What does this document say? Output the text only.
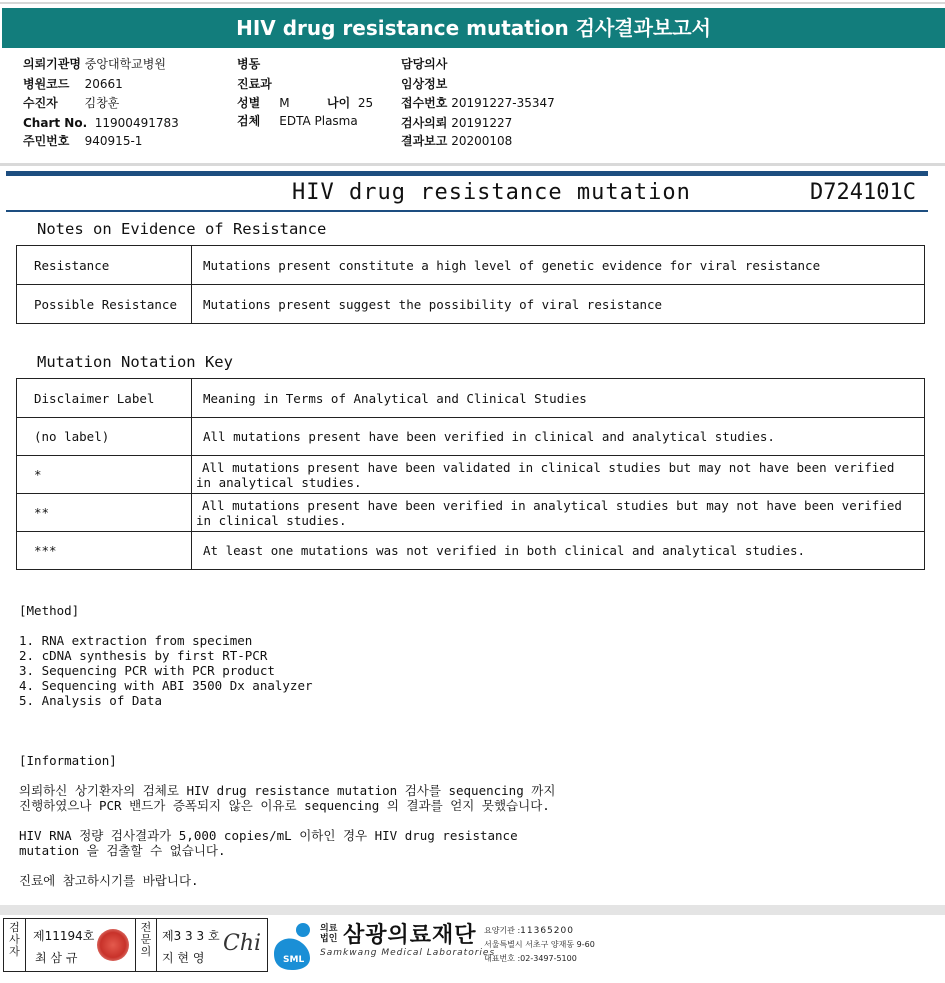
HIV drug resistance mutation 검사결과보고서
의뢰기관명 중앙대학교병원
병원코드 20661
수진자 김창훈
Chart No. 11900491783
주민번호 940915-1
병동
진료과
성별 M	나이 25
검체 EDTA Plasma
담당의사
임상정보
접수번호 20191227-35347
검사의뢰 20191227
결과보고 20200108
HIV drug resistance mutation	D724101C
Notes on Evidence of Resistance
Resistance	Mutations present constitute a high level of genetic evidence for viral resistance
Possible Resistance	Mutations present suggest the possibility of viral resistance
Mutation Notation Key
Disclaimer Label	Meaning in Terms of Analytical and Clinical Studies
(no label)	All mutations present have been verified in clinical and analytical studies.
*	All mutations present have been validated in clinical studies but may not have been verified
in analytical studies.

**	All mutations present have been verified in analytical studies but may not have been verified
in clinical studies.

***	At least one mutations was not verified in both clinical and analytical studies.
[Method]
1. RNA extraction from specimen
2. cDNA synthesis by first RT-PCR
3. Sequencing PCR with PCR product
4. Sequencing with ABI 3500 Dx analyzer
5. Analysis of Data
[Information]
의뢰하신 상기환자의 검체로 HIV drug resistance mutation 검사를 sequencing 까지
진행하였으나 PCR 밴드가 증폭되지 않은 이유로 sequencing 의 결과를 얻지 못했습니다.
HIV RNA 정량 검사결과가 5,000 copies/mL 이하인 경우 HIV drug resistance
mutation 을 검출할 수 없습니다.
진료에 참고하시기를 바랍니다.
검사자
제11194호
최 삼 규
전문의
제3 3 3 호
지 현 영
Chi
SML
의료
법인 삼광의료재단
Samkwang Medical Laboratories
요양기관 :11365200
서울특별시 서초구 양재동 9-60
대표번호 :02-3497-5100
